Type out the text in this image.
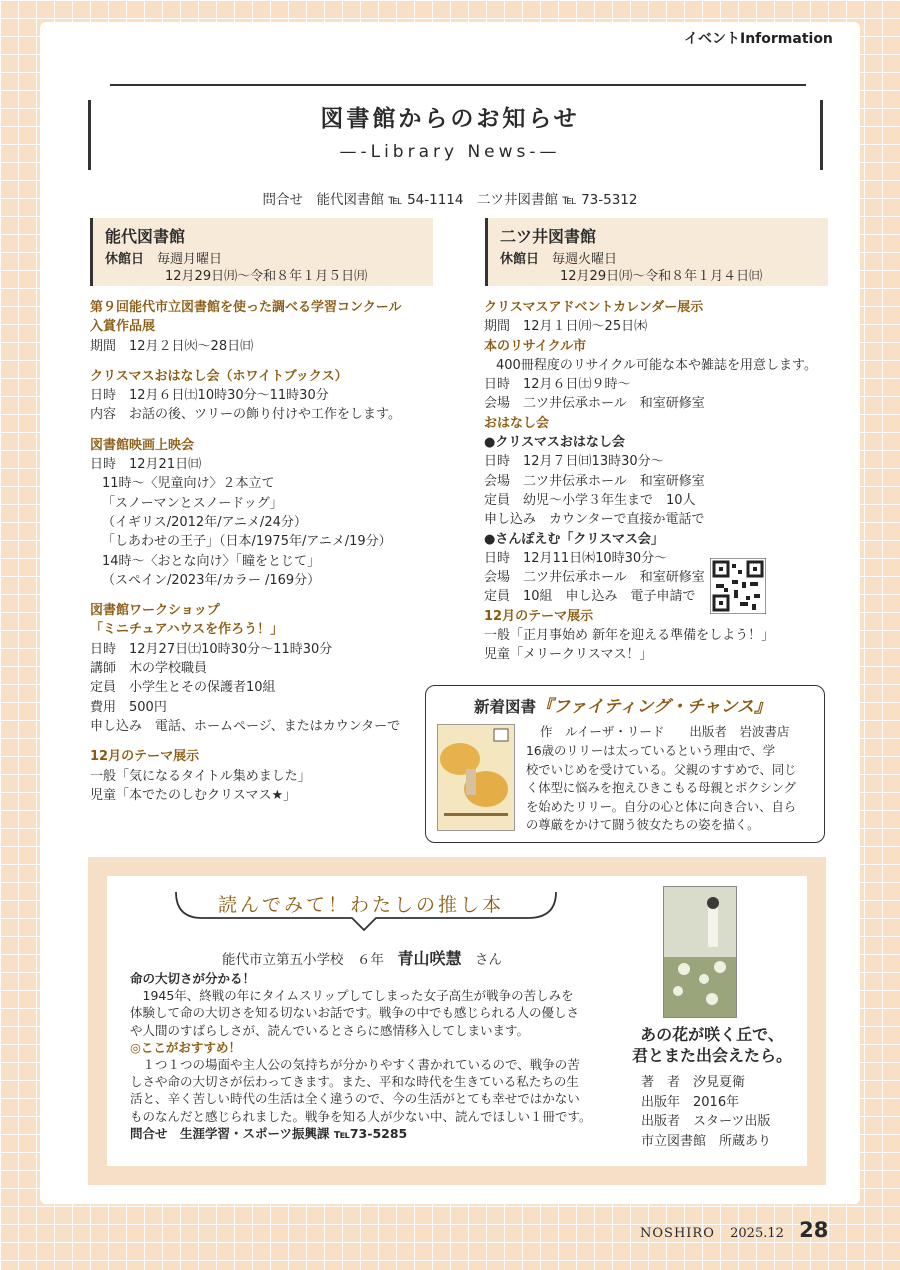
イベントInformation
図書館からのお知らせ
—-Library News-—
問合せ　能代図書館 ℡ 54-1114　二ツ井図書館 ℡ 73-5312
能代図書館
休館日　 毎週月曜日
12月29日㈪～令和８年１月５日㈪
二ツ井図書館
休館日　 毎週火曜日
12月29日㈪～令和８年１月４日㈰
第９回能代市立図書館を使った調べる学習コンクール
入賞作品展
期間　12月２日㈫～28日㈰
クリスマスおはなし会（ホワイトブックス）
日時　12月６日㈯10時30分～11時30分
内容　お話の後、ツリーの飾り付けや工作をします。
図書館映画上映会
日時　12月21日㈰
11時～〈児童向け〉２本立て
「スノーマンとスノードッグ」
（イギリス/2012年/アニメ/24分）
「しあわせの王子」（日本/1975年/アニメ/19分）
14時～〈おとな向け〉「瞳をとじて」
（スペイン/2023年/カラー /169分）
図書館ワークショップ
「ミニチュアハウスを作ろう！」
日時　12月27日㈯10時30分～11時30分
講師　木の学校職員
定員　小学生とその保護者10組
費用　500円
申し込み　電話、ホームページ、またはカウンターで
12月のテーマ展示
一般「気になるタイトル集めました」
児童「本でたのしむクリスマス★」
クリスマスアドベントカレンダー展示
期間　12月１日㈪～25日㈭
本のリサイクル市
400冊程度のリサイクル可能な本や雑誌を用意します。
日時　12月６日㈯９時～
会場　二ツ井伝承ホール　和室研修室
おはなし会
●クリスマスおはなし会
日時　12月７日㈰13時30分～
会場　二ツ井伝承ホール　和室研修室
定員　幼児～小学３年生まで　10人
申し込み　カウンターで直接か電話で
●さんぽえむ「クリスマス会」
日時　12月11日㈭10時30分～
会場　二ツ井伝承ホール　和室研修室
定員　10組　申し込み　電子申請で
12月のテーマ展示
一般「正月事始め 新年を迎える準備をしよう！」
児童「メリークリスマス！」
新着図書『ファイティング・チャンス』
作　ルイーザ・リード　　出版者　岩波書店
16歳のリリーは太っているという理由で、学
校でいじめを受けている。父親のすすめで、同じ
く体型に悩みを抱えひきこもる母親とボクシング
を始めたリリー。自分の心と体に向き合い、自ら
の尊厳をかけて闘う彼女たちの姿を描く。
読んでみて！わたしの推し本
能代市立第五小学校　６年　 青山咲慧　 さん
命の大切さが分かる！
　1945年、終戦の年にタイムスリップしてしまった女子高生が戦争の苦しみを
体験して命の大切さを知る切ないお話です。戦争の中でも感じられる人の優しさ
や人間のすばらしさが、読んでいるとさらに感情移入してしまいます。
◎ここがおすすめ！
　１つ１つの場面や主人公の気持ちが分かりやすく書かれているので、戦争の苦
しさや命の大切さが伝わってきます。また、平和な時代を生きている私たちの生
活と、辛く苦しい時代の生活は全く違うので、今の生活がとても幸せではかない
ものなんだと感じられました。戦争を知る人が少ない中、読んでほしい１冊です。
問合せ　生涯学習・スポーツ振興課 ℡73-5285
あの花が咲く丘で、
君とまた出会えたら。
著　者　汐見夏衛
出版年　2016年
出版者　スターツ出版
市立図書館　所蔵あり
NOSHIRO 2025.12 28
